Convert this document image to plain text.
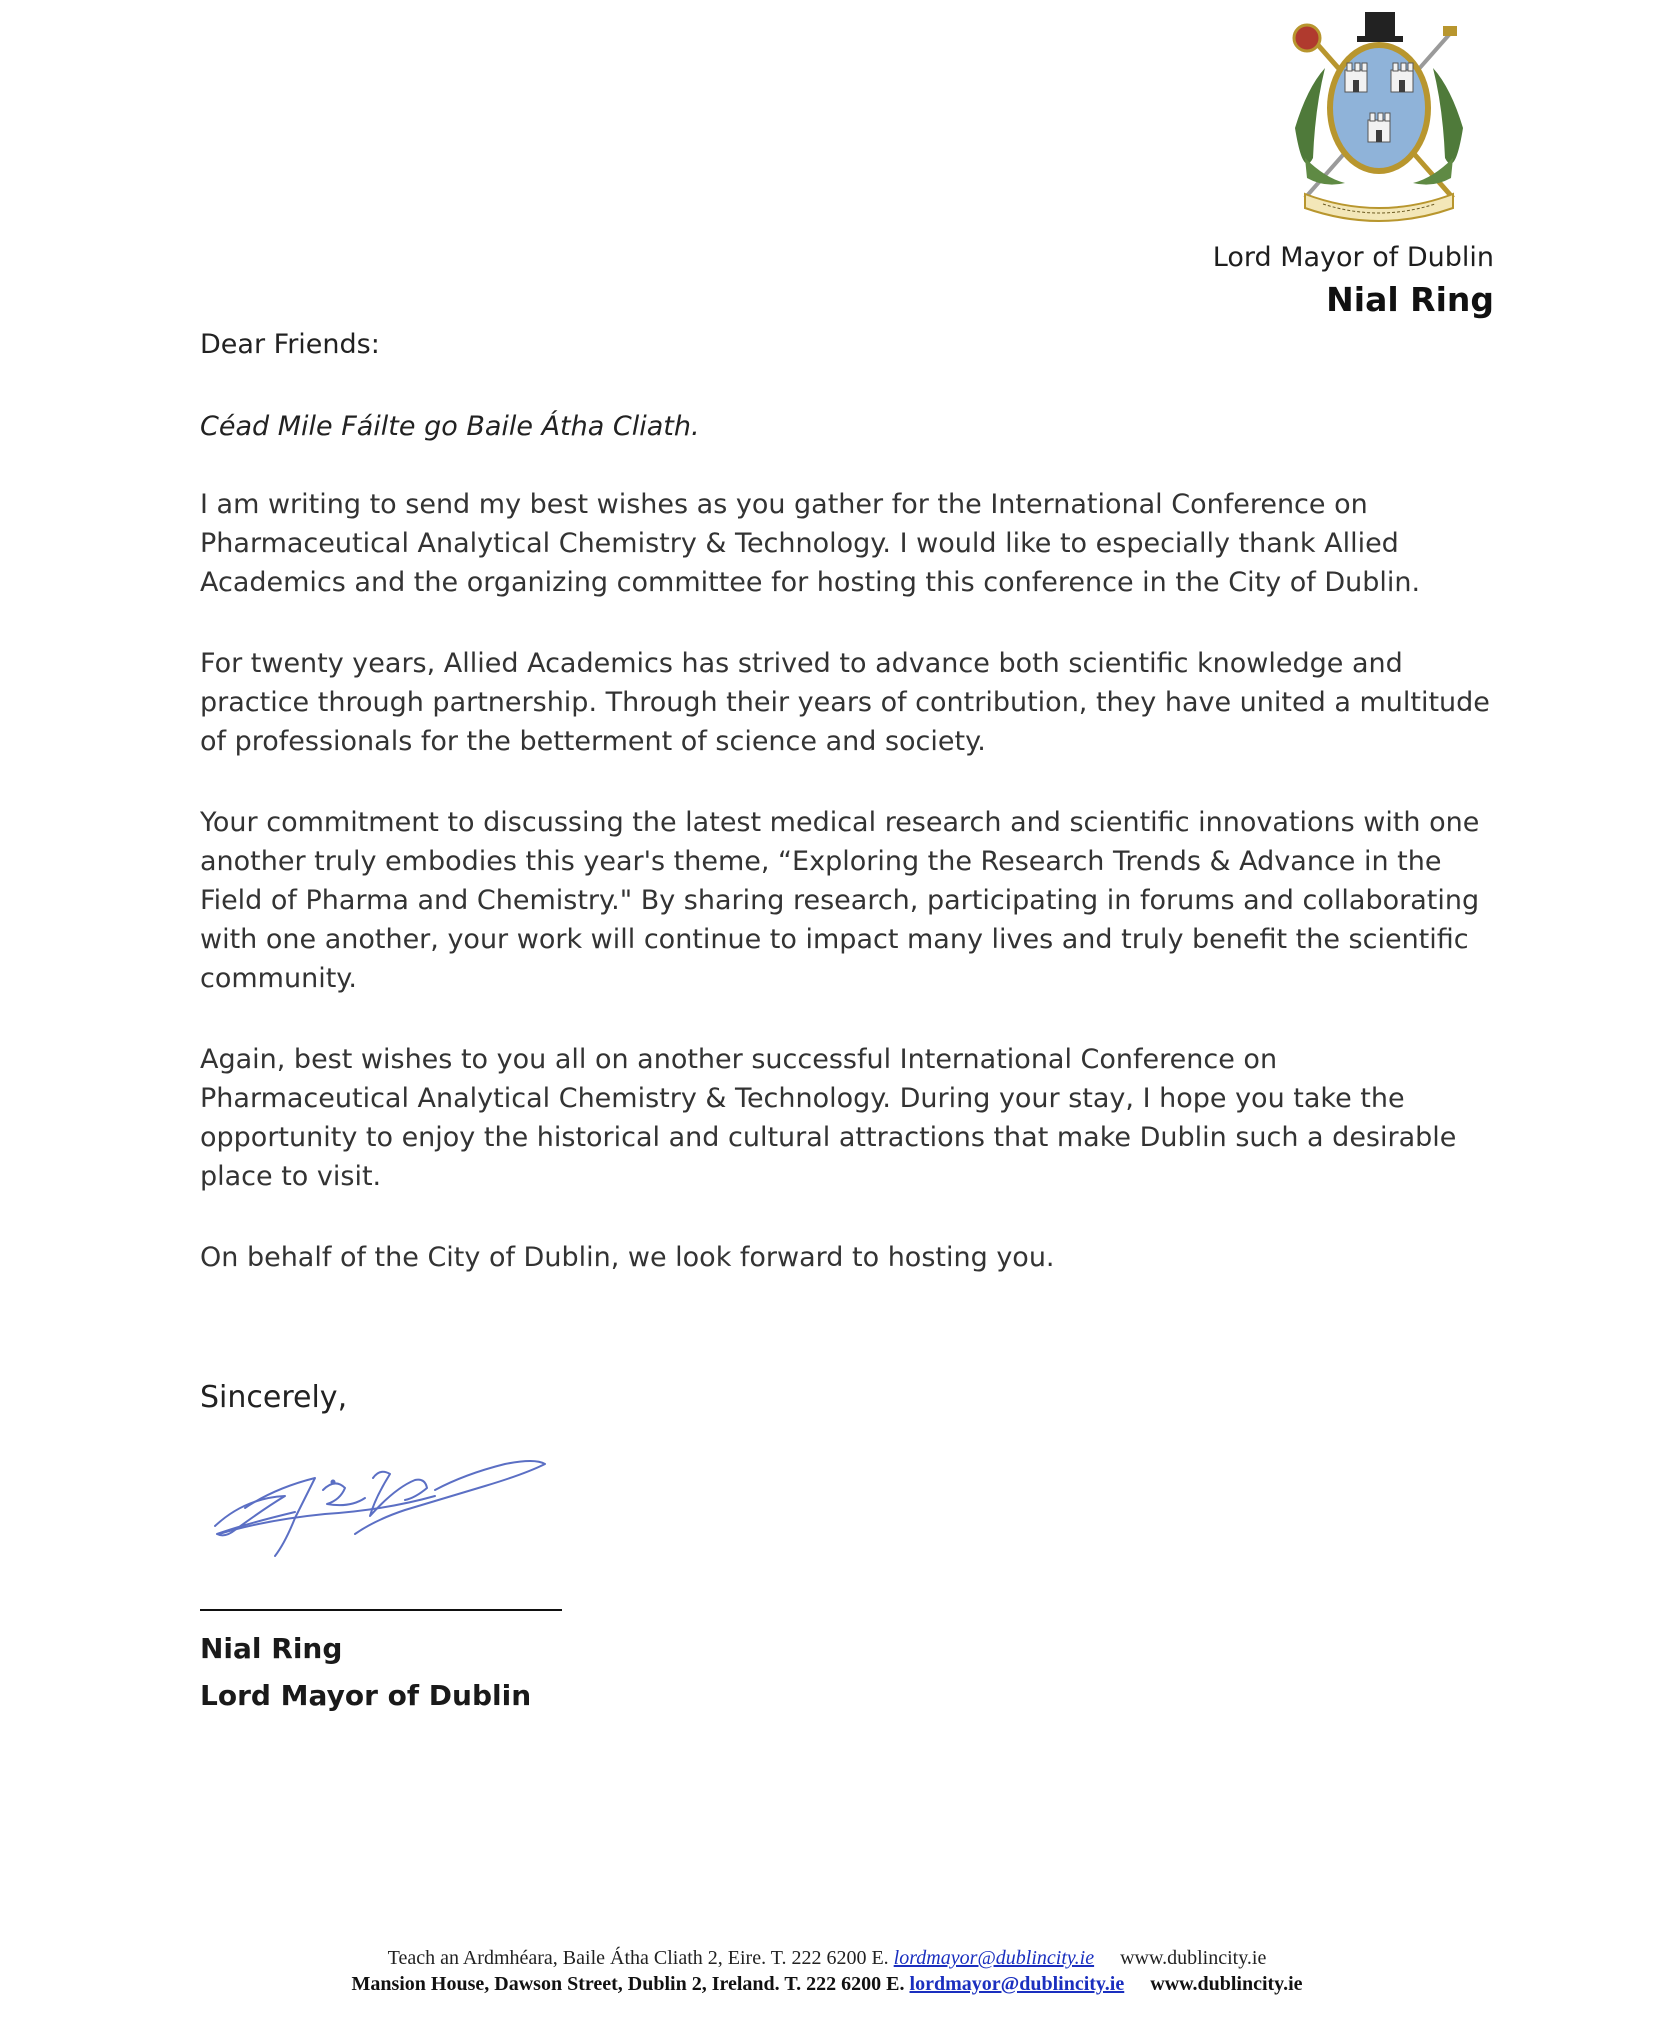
Lord Mayor of Dublin
Nial Ring

Dear Friends:

Céad Mile Fáilte go Baile Átha Cliath.

I am writing to send my best wishes as you gather for the International Conference on Pharmaceutical Analytical Chemistry & Technology. I would like to especially thank Allied Academics and the organizing committee for hosting this conference in the City of Dublin.

For twenty years, Allied Academics has strived to advance both scientific knowledge and practice through partnership. Through their years of contribution, they have united a multitude of professionals for the betterment of science and society.

Your commitment to discussing the latest medical research and scientific innovations with one another truly embodies this year's theme, “Exploring the Research Trends & Advance in the Field of Pharma and Chemistry." By sharing research, participating in forums and collaborating with one another, your work will continue to impact many lives and truly benefit the scientific community.

Again, best wishes to you all on another successful International Conference on Pharmaceutical Analytical Chemistry & Technology. During your stay, I hope you take the opportunity to enjoy the historical and cultural attractions that make Dublin such a desirable place to visit.

On behalf of the City of Dublin, we look forward to hosting you.

Sincerely,
Nial Ring
Lord Mayor of Dublin
Teach an Ardmhéara, Baile Átha Cliath 2, Eire. T. 222 6200 E. lordmayor@dublincity.ie www.dublincity.ie
Mansion House, Dawson Street, Dublin 2, Ireland. T. 222 6200 E. lordmayor@dublincity.ie www.dublincity.ie
